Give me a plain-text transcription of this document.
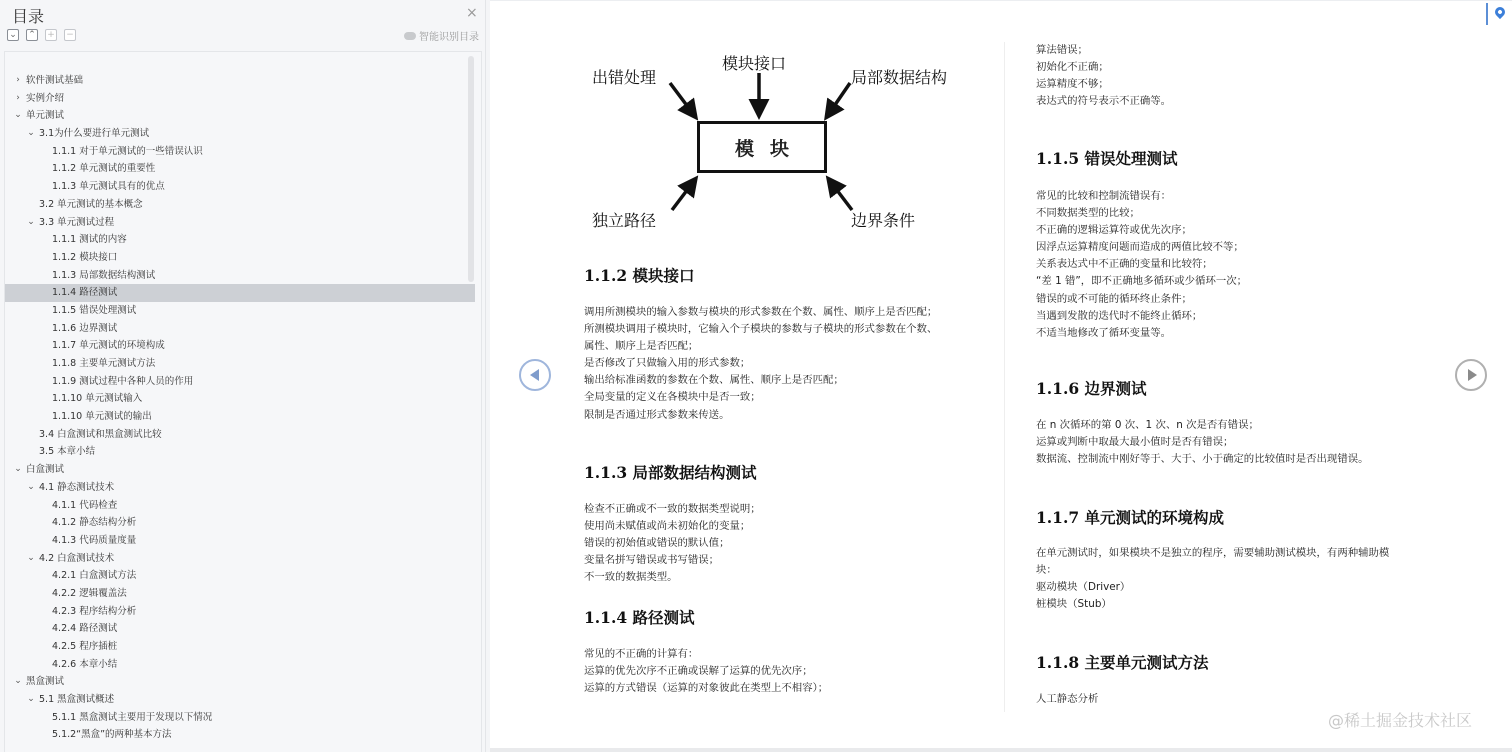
目录	×
⌄ ⌃ + −	智能识别目录
› 软件测试基础
› 实例介绍
⌄ 单元测试
⌄ 3.1为什么要进行单元测试
1.1.1 对于单元测试的一些错误认识
1.1.2 单元测试的重要性
1.1.3 单元测试具有的优点
3.2 单元测试的基本概念
⌄ 3.3 单元测试过程
1.1.1 测试的内容
1.1.2 模块接口
1.1.3 局部数据结构测试
1.1.4 路径测试
1.1.5 错误处理测试
1.1.6 边界测试
1.1.7 单元测试的环境构成
1.1.8 主要单元测试方法
1.1.9 测试过程中各种人员的作用
1.1.10 单元测试输入
1.1.10 单元测试的输出
3.4 白盒测试和黑盒测试比较
3.5 本章小结
⌄ 白盒测试
⌄ 4.1 静态测试技术
4.1.1 代码检查
4.1.2 静态结构分析
4.1.3 代码质量度量
⌄ 4.2 白盒测试技术
4.2.1 白盒测试方法
4.2.2 逻辑覆盖法
4.2.3 程序结构分析
4.2.4 路径测试
4.2.5 程序插桩
4.2.6 本章小结
⌄ 黑盒测试
⌄ 5.1 黑盒测试概述
5.1.1 黑盒测试主要用于发现以下情况
5.1.2“黑盒”的两种基本方法
模块接口
出错处理	局部数据结构
独立路径	边界条件
模块
1.1.2 模块接口
调用所测模块的输入参数与模块的形式参数在个数、属性、顺序上是否匹配；
所测模块调用子模块时，它输入个子模块的参数与子模块的形式参数在个数、
属性、顺序上是否匹配；
是否修改了只做输入用的形式参数；
输出给标准函数的参数在个数、属性、顺序上是否匹配；
全局变量的定义在各模块中是否一致；
限制是否通过形式参数来传送。
1.1.3 局部数据结构测试
检查不正确或不一致的数据类型说明；
使用尚未赋值或尚未初始化的变量；
错误的初始值或错误的默认值；
变量名拼写错误或书写错误；
不一致的数据类型。
1.1.4 路径测试
常见的不正确的计算有：
运算的优先次序不正确或误解了运算的优先次序；
运算的方式错误（运算的对象彼此在类型上不相容）；
算法错误；
初始化不正确；
运算精度不够；
表达式的符号表示不正确等。
1.1.5 错误处理测试
常见的比较和控制流错误有：
不同数据类型的比较；
不正确的逻辑运算符或优先次序；
因浮点运算精度问题而造成的两值比较不等；
关系表达式中不正确的变量和比较符；
“差 1 错”，即不正确地多循环或少循环一次；
错误的或不可能的循环终止条件；
当遇到发散的迭代时不能终止循环；
不适当地修改了循环变量等。
1.1.6 边界测试
在 n 次循环的第 0 次、1 次、n 次是否有错误；
运算或判断中取最大最小值时是否有错误；
数据流、控制流中刚好等于、大于、小于确定的比较值时是否出现错误。
1.1.7 单元测试的环境构成
在单元测试时，如果模块不是独立的程序，需要辅助测试模块，有两种辅助模
块：
驱动模块（Driver）
桩模块（Stub）
1.1.8 主要单元测试方法
人工静态分析
@稀土掘金技术社区
